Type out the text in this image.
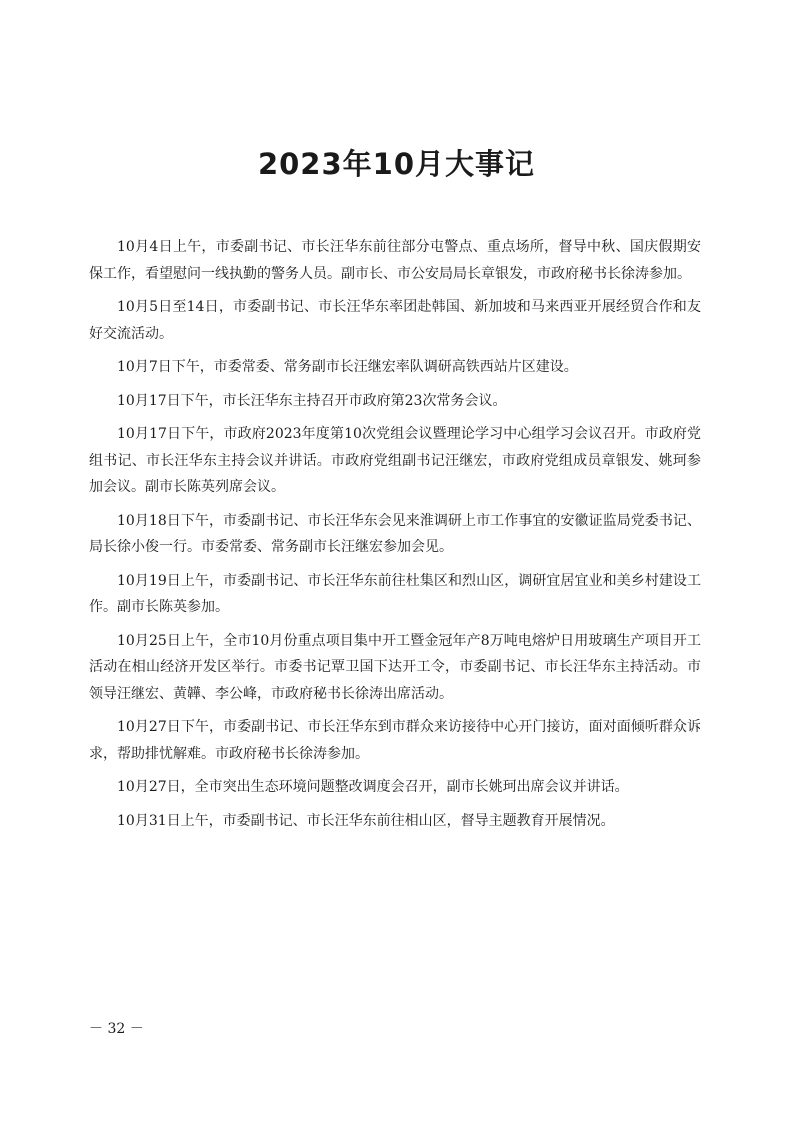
2023年10月大事记

10月4日上午，市委副书记、市长汪华东前往部分屯警点、重点场所，督导中秋、国庆假期安保工作，看望慰问一线执勤的警务人员。副市长、市公安局局长章银发，市政府秘书长徐涛参加。

10月5日至14日，市委副书记、市长汪华东率团赴韩国、新加坡和马来西亚开展经贸合作和友好交流活动。

10月7日下午，市委常委、常务副市长汪继宏率队调研高铁西站片区建设。

10月17日下午，市长汪华东主持召开市政府第23次常务会议。

10月17日下午，市政府2023年度第10次党组会议暨理论学习中心组学习会议召开。市政府党组书记、市长汪华东主持会议并讲话。市政府党组副书记汪继宏，市政府党组成员章银发、姚珂参加会议。副市长陈英列席会议。

10月18日下午，市委副书记、市长汪华东会见来淮调研上市工作事宜的安徽证监局党委书记、局长徐小俊一行。市委常委、常务副市长汪继宏参加会见。

10月19日上午，市委副书记、市长汪华东前往杜集区和烈山区，调研宜居宜业和美乡村建设工作。副市长陈英参加。

10月25日上午，全市10月份重点项目集中开工暨金冠年产8万吨电熔炉日用玻璃生产项目开工活动在相山经济开发区举行。市委书记覃卫国下达开工令，市委副书记、市长汪华东主持活动。市领导汪继宏、黄韡、李公峰，市政府秘书长徐涛出席活动。

10月27日下午，市委副书记、市长汪华东到市群众来访接待中心开门接访，面对面倾听群众诉求，帮助排忧解难。市政府秘书长徐涛参加。

10月27日，全市突出生态环境问题整改调度会召开，副市长姚珂出席会议并讲话。

10月31日上午，市委副书记、市长汪华东前往相山区，督导主题教育开展情况。

－ 32 －
